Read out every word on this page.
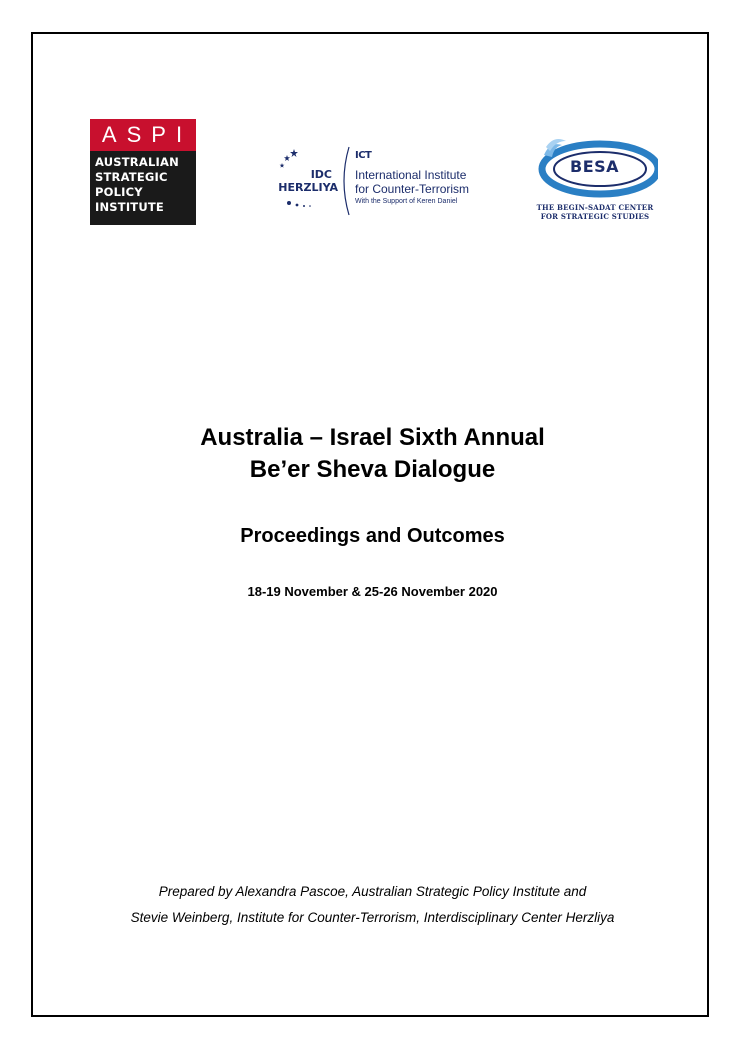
ASPI
AUSTRALIAN
STRATEGIC
POLICY
INSTITUTE
IDC
HERZLIYA
ICT
International Institute
for Counter-Terrorism
With the Support of Keren Daniel
BESA
THE BEGIN-SADAT CENTER
FOR STRATEGIC STUDIES
Australia – Israel Sixth Annual
Be’er Sheva Dialogue
Proceedings and Outcomes
18-19 November & 25-26 November 2020
Prepared by Alexandra Pascoe, Australian Strategic Policy Institute and
Stevie Weinberg, Institute for Counter-Terrorism, Interdisciplinary Center Herzliya
